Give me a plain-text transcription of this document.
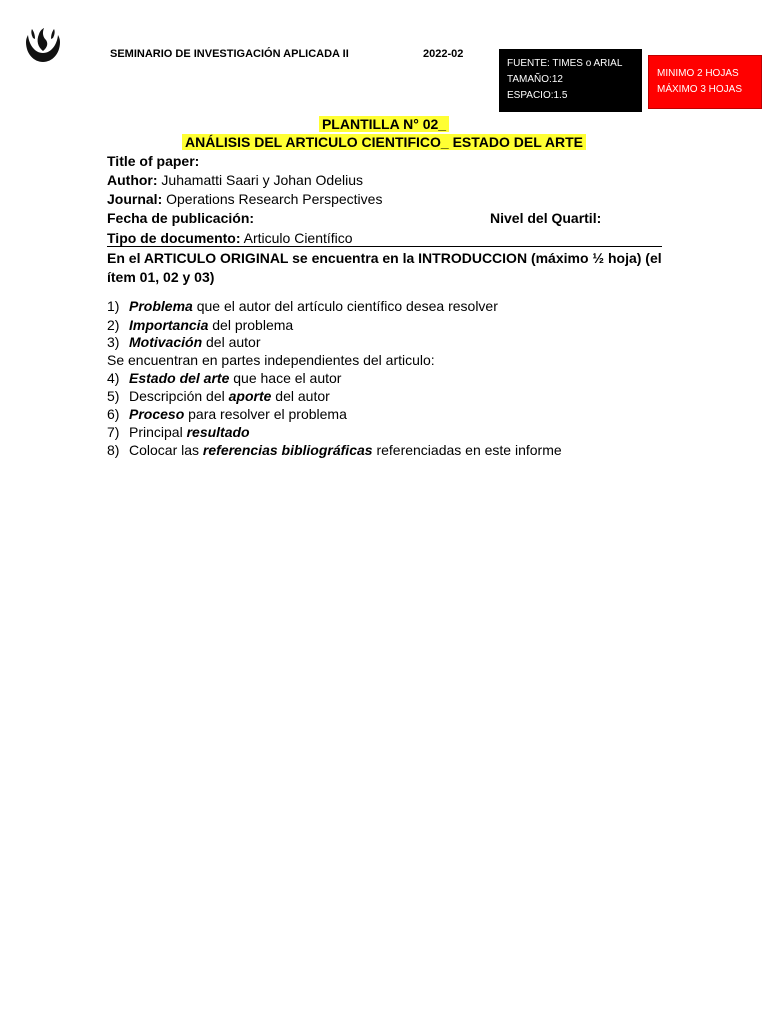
SEMINARIO DE INVESTIGACIÓN APLICADA II	2022-02
FUENTE: TIMES o ARIAL
TAMAÑO:12
ESPACIO:1.5
MINIMO 2 HOJAS
MÁXIMO 3 HOJAS
PLANTILLA N° 02_
ANÁLISIS DEL ARTICULO CIENTIFICO_ ESTADO DEL ARTE
Title of paper:
Author: Juhamatti Saari y Johan Odelius
Journal: Operations Research Perspectives
Fecha de publicación:	Nivel del Quartil:
Tipo de documento: Articulo Científico
En el ARTICULO ORIGINAL se encuentra en la INTRODUCCION (máximo ½ hoja) (el ítem 01, 02 y 03)
1) Problema que el autor del artículo científico desea resolver
2) Importancia del problema
3) Motivación del autor
Se encuentran en partes independientes del articulo:
4) Estado del arte que hace el autor
5) Descripción del aporte del autor
6) Proceso para resolver el problema
7) Principal resultado
8) Colocar las referencias bibliográficas referenciadas en este informe
